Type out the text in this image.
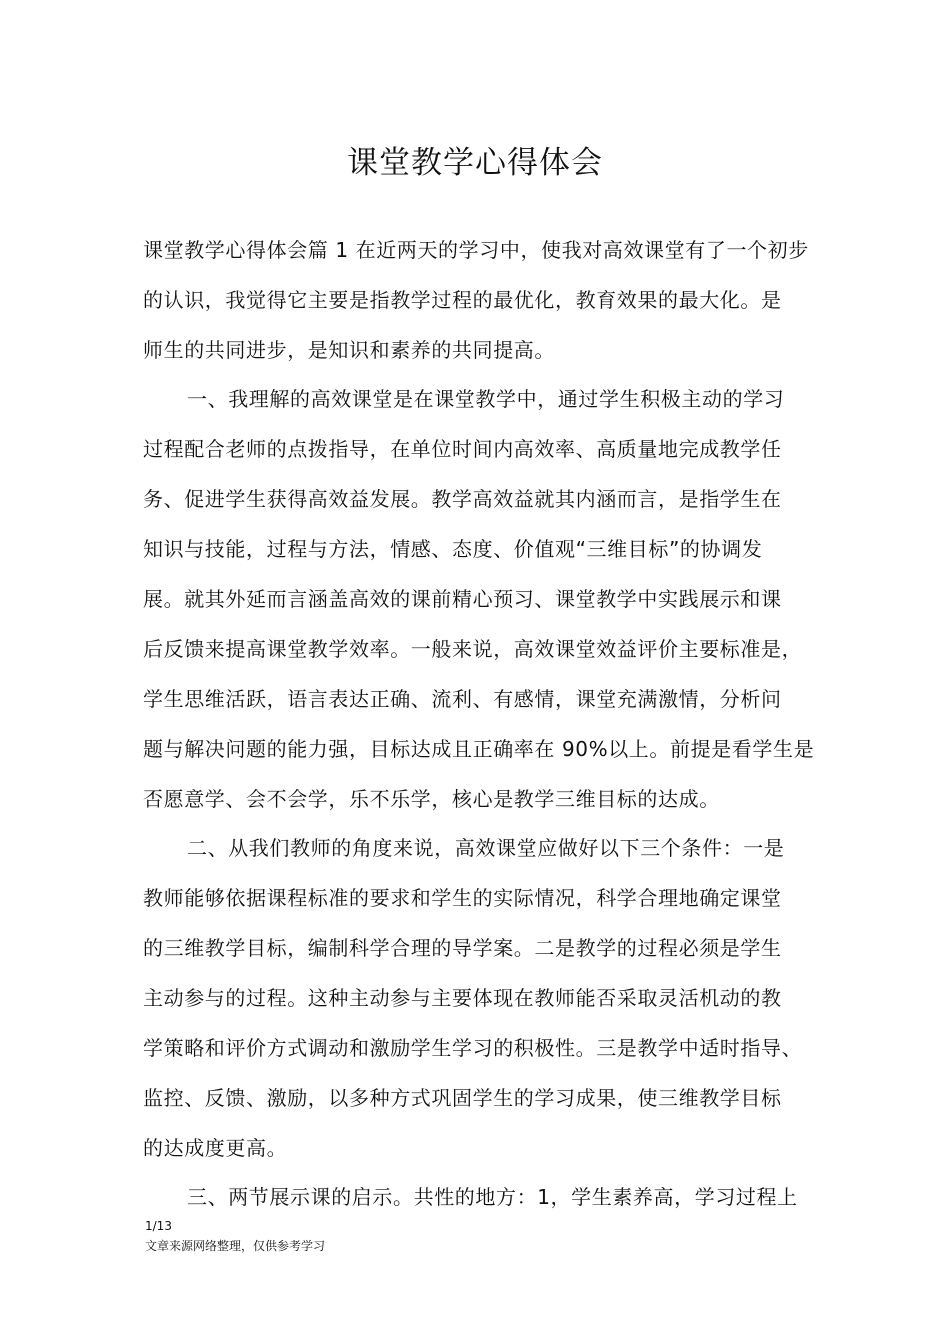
课堂教学心得体会

课堂教学心得体会篇 1 在近两天的学习中，使我对高效课堂有了一个初步

的认识，我觉得它主要是指教学过程的最优化，教育效果的最大化。是

师生的共同进步，是知识和素养的共同提高。

一、我理解的高效课堂是在课堂教学中，通过学生积极主动的学习

过程配合老师的点拨指导，在单位时间内高效率、高质量地完成教学任

务、促进学生获得高效益发展。教学高效益就其内涵而言，是指学生在

知识与技能，过程与方法，情感、态度、价值观“三维目标”的协调发

展。就其外延而言涵盖高效的课前精心预习、课堂教学中实践展示和课

后反馈来提高课堂教学效率。一般来说，高效课堂效益评价主要标准是，

学生思维活跃，语言表达正确、流利、有感情，课堂充满激情，分析问

题与解决问题的能力强，目标达成且正确率在 90%以上。前提是看学生是

否愿意学、会不会学，乐不乐学，核心是教学三维目标的达成。

二、从我们教师的角度来说，高效课堂应做好以下三个条件：一是

教师能够依据课程标准的要求和学生的实际情况，科学合理地确定课堂

的三维教学目标，编制科学合理的导学案。二是教学的过程必须是学生

主动参与的过程。这种主动参与主要体现在教师能否采取灵活机动的教

学策略和评价方式调动和激励学生学习的积极性。三是教学中适时指导、

监控、反馈、激励，以多种方式巩固学生的学习成果，使三维教学目标

的达成度更高。

三、两节展示课的启示。共性的地方：1，学生素养高，学习过程上

1/13
文章来源网络整理，仅供参考学习
